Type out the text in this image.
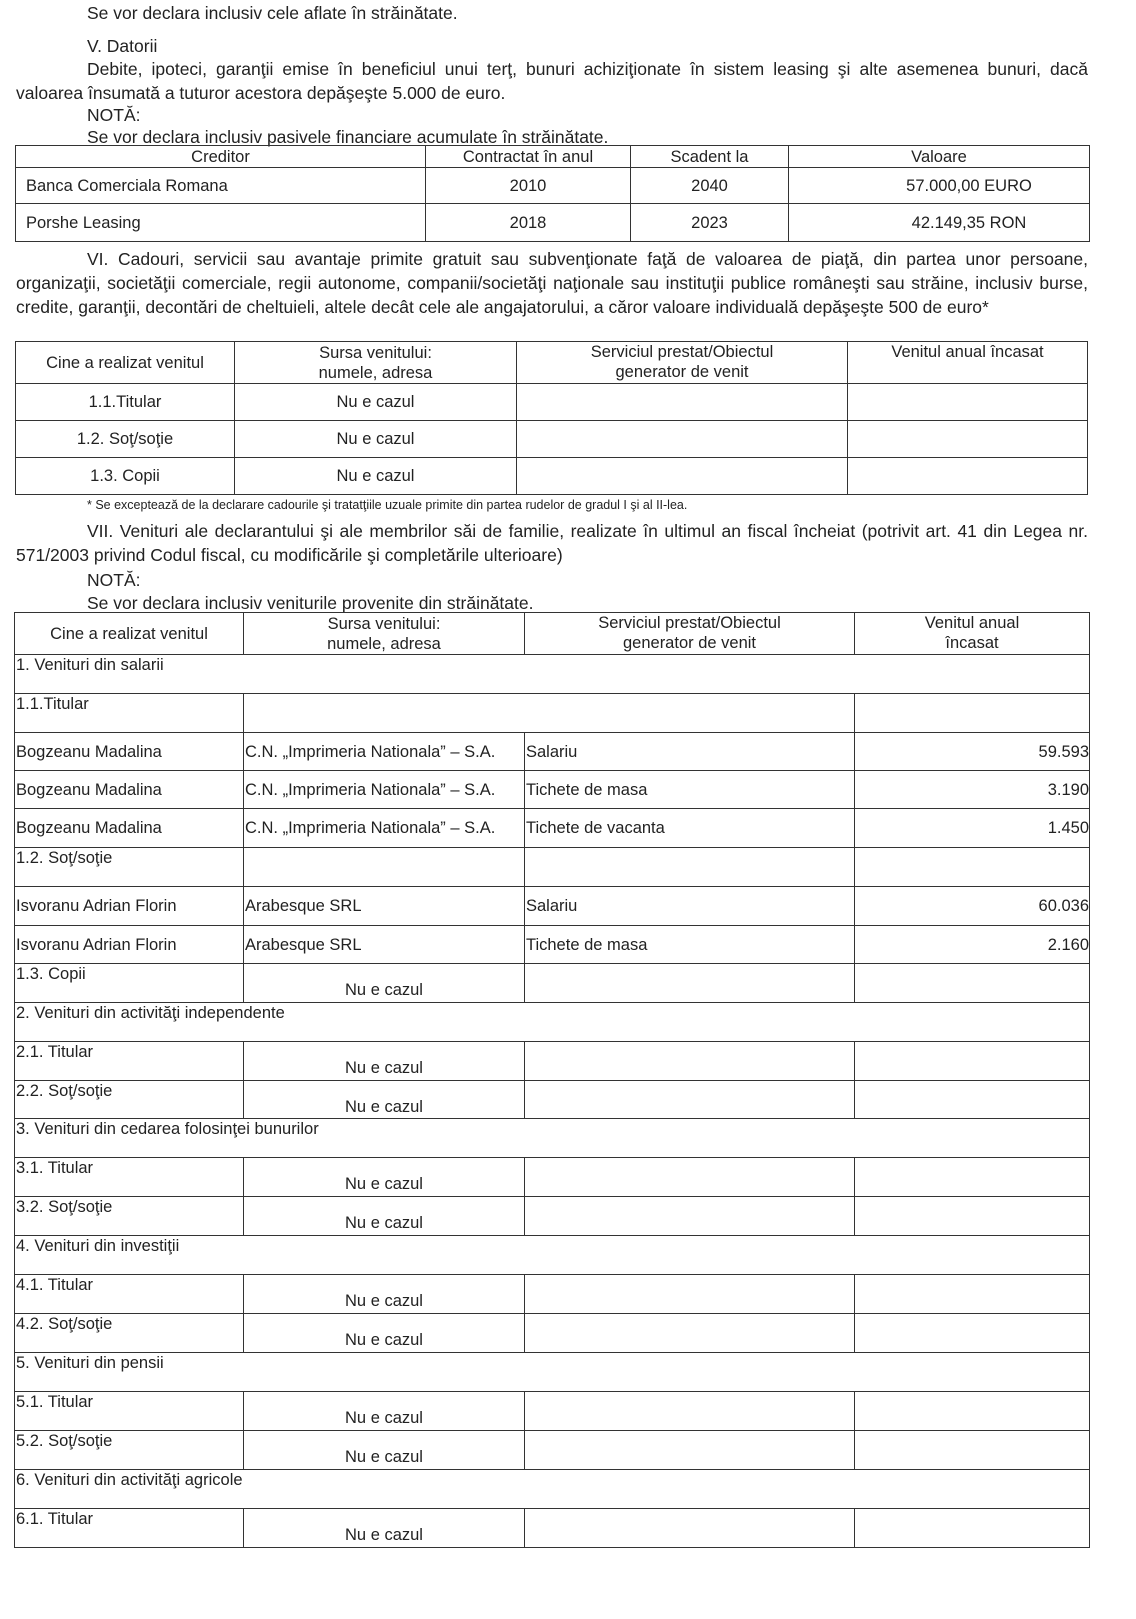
Se vor declara inclusiv cele aflate în străinătate.
V. Datorii
Debite, ipoteci, garanţii emise în beneficiul unui terţ, bunuri achiziţionate în sistem leasing şi alte asemenea bunuri, dacă valoarea însumată a tuturor acestora depăşeşte 5.000 de euro.
NOTĂ:
Se vor declara inclusiv pasivele financiare acumulate în străinătate.
Creditor	Contractat în anul	Scadent la	Valoare
Banca Comerciala Romana	2010	2040	57.000,00 EURO
Porshe Leasing	2018	2023	42.149,35 RON
VI. Cadouri, servicii sau avantaje primite gratuit sau subvenţionate faţă de valoarea de piaţă, din partea unor persoane, organizaţii, societăţii comerciale, regii autonome, companii/societăţi naţionale sau instituţii publice româneşti sau străine, inclusiv burse, credite, garanţii, decontări de cheltuieli, altele decât cele ale angajatorului, a căror valoare individuală depăşeşte 500 de euro*
Cine a realizat venitul	Sursa venitului: numele, adresa	Serviciul prestat/Obiectul generator de venit	Venitul anual încasat
1.1.Titular	Nu e cazul		
1.2. Soţ/soţie	Nu e cazul		
1.3. Copii	Nu e cazul		
* Se exceptează de la declarare cadourile şi tratatţiile uzuale primite din partea rudelor de gradul I şi al II-lea.
VII. Venituri ale declarantului şi ale membrilor săi de familie, realizate în ultimul an fiscal încheiat (potrivit art. 41 din Legea nr. 571/2003 privind Codul fiscal, cu modificările şi completările ulterioare)
NOTĂ:
Se vor declara inclusiv veniturile provenite din străinătate.
Cine a realizat venitul	Sursa venitului: numele, adresa	Serviciul prestat/Obiectul generator de venit	Venitul anual încasat
1. Venituri din salarii			
1.1.Titular			
Bogzeanu Madalina	C.N. „Imprimeria Nationala” – S.A.	Salariu	59.593
Bogzeanu Madalina	C.N. „Imprimeria Nationala” – S.A.	Tichete de masa	3.190
Bogzeanu Madalina	C.N. „Imprimeria Nationala” – S.A.	Tichete de vacanta	1.450
1.2. Soţ/soţie			
Isvoranu Adrian Florin	Arabesque SRL	Salariu	60.036
Isvoranu Adrian Florin	Arabesque SRL	Tichete de masa	2.160
1.3. Copii	Nu e cazul		
2. Venituri din activităţi independente			
2.1. Titular	Nu e cazul		
2.2. Soţ/soţie	Nu e cazul		
3. Venituri din cedarea folosinţei bunurilor			
3.1. Titular	Nu e cazul		
3.2. Soţ/soţie	Nu e cazul		
4. Venituri din investiţii			
4.1. Titular	Nu e cazul		
4.2. Soţ/soţie	Nu e cazul		
5. Venituri din pensii			
5.1. Titular	Nu e cazul		
5.2. Soţ/soţie	Nu e cazul		
6. Venituri din activităţi agricole			
6.1. Titular	Nu e cazul		
